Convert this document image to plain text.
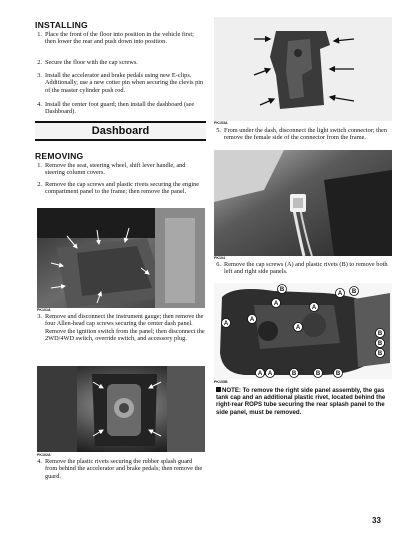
INSTALLING
1. Place the front of the floor into position in the vehicle first; then lower the rear and push down into position.
2. Secure the floor with the cap screws.
3. Install the accelerator and brake pedals using new E-clips. Additionally, use a new cotter pin when securing the clevis pin of the master cylinder push rod.
4. Install the center foot guard; then install the dashboard (see Dashboard).
Dashboard
REMOVING
1. Remove the seat, steering wheel, shift lever handle, and steering column covers.
2. Remove the cap screws and plastic rivets securing the engine compartment panel to the frame; then remove the panel.
PK101A
3. Remove and disconnect the instrument gauge; then remove the four Allen-head cap screws securing the center dash panel. Remove the ignition switch from the panel; then disconnect the 2WD/4WD switch, override switch, and accessory plug.
PK102A
4. Remove the plastic rivets securing the rubber splash guard from behind the accelerator and brake pedals; then remove the guard.
PK103A
5. From under the dash, disconnect the light switch connector; then remove the female side of the connector from the frame.
PK104
6. Remove the cap screws (A) and plastic rivets (B) to remove both left and right side panels.
PK105B
A
A
A
A
A
A A
A
B	B
B
B
B
B	B	B
NOTE: To remove the right side panel assembly, the gas tank cap and an additional plastic rivet, located behind the right-rear ROPS tube securing the rear splash panel to the side panel, must be removed.
33
